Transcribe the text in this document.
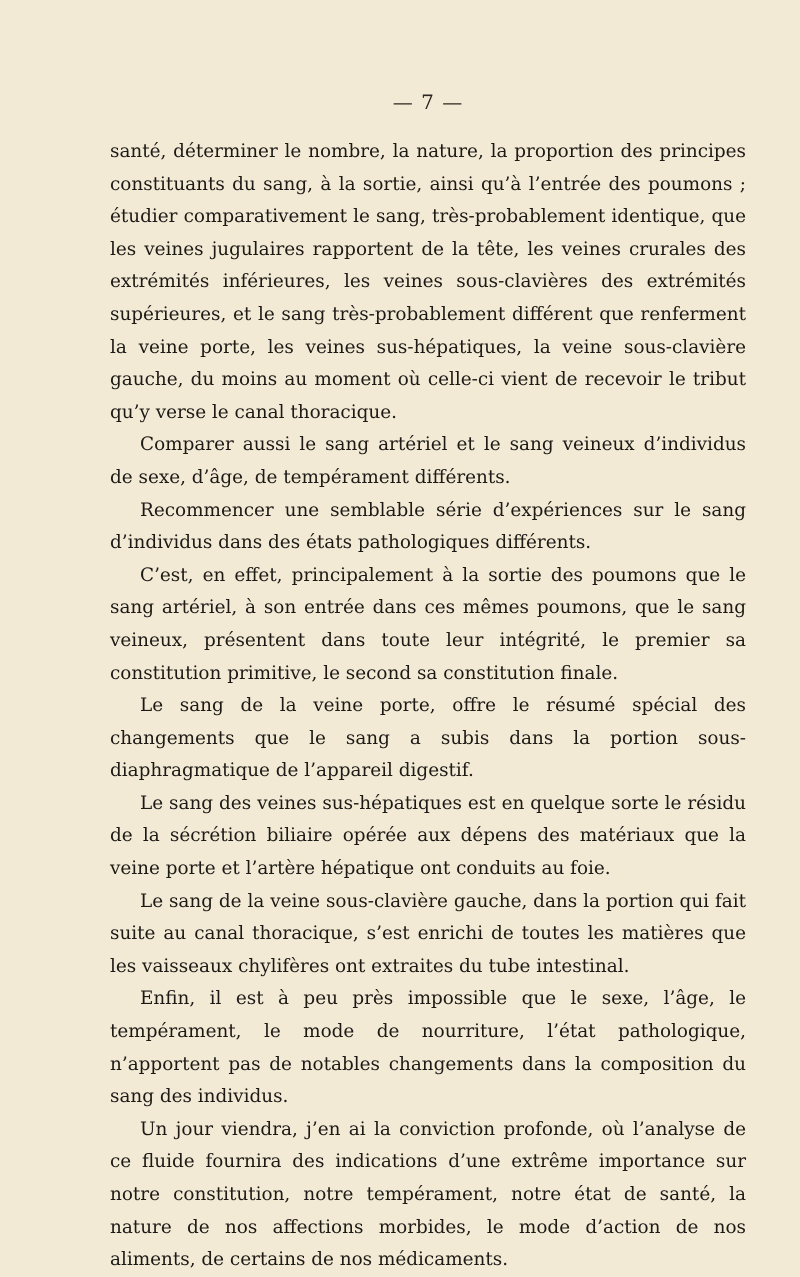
— 7 —

santé, déterminer le nombre, la nature, la proportion des principes constituants du sang, à la sortie, ainsi qu’à l’entrée des poumons ; étudier comparativement le sang, très-probablement identique, que les veines jugulaires rapportent de la tête, les veines crurales des extrémités inférieures, les veines sous-clavières des extrémités supérieures, et le sang très-probablement différent que renferment la veine porte, les veines sus-hépatiques, la veine sous-clavière gauche, du moins au moment où celle-ci vient de recevoir le tribut qu’y verse le canal thoracique.

Comparer aussi le sang artériel et le sang veineux d’individus de sexe, d’âge, de tempérament différents.

Recommencer une semblable série d’expériences sur le sang d’individus dans des états pathologiques différents.

C’est, en effet, principalement à la sortie des poumons que le sang artériel, à son entrée dans ces mêmes poumons, que le sang veineux, présentent dans toute leur intégrité, le premier sa constitution primitive, le second sa constitution finale.

Le sang de la veine porte, offre le résumé spécial des changements que le sang a subis dans la portion sous-diaphragmatique de l’appareil digestif.

Le sang des veines sus-hépatiques est en quelque sorte le résidu de la sécrétion biliaire opérée aux dépens des matériaux que la veine porte et l’artère hépatique ont conduits au foie.

Le sang de la veine sous-clavière gauche, dans la portion qui fait suite au canal thoracique, s’est enrichi de toutes les matières que les vaisseaux chylifères ont extraites du tube intestinal.

Enfin, il est à peu près impossible que le sexe, l’âge, le tempérament, le mode de nourriture, l’état pathologique, n’apportent pas de notables changements dans la composition du sang des individus.

Un jour viendra, j’en ai la conviction profonde, où l’analyse de ce fluide fournira des indications d’une extrême importance sur notre constitution, notre tempérament, notre état de santé, la nature de nos affections morbides, le mode d’action de nos aliments, de certains de nos médicaments.
